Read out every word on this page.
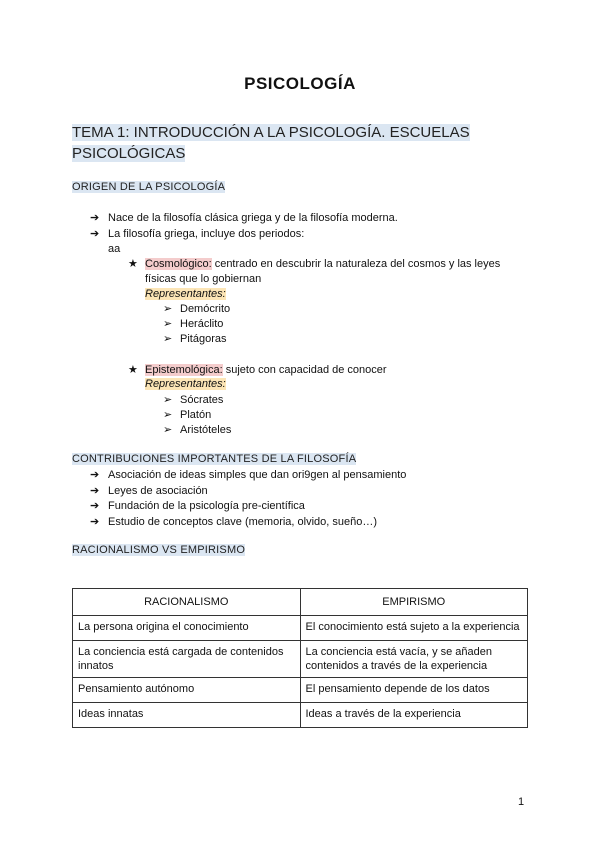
PSICOLOGÍA
TEMA 1: INTRODUCCIÓN A LA PSICOLOGÍA. ESCUELAS PSICOLÓGICAS
ORIGEN DE LA PSICOLOGÍA
➔ Nace de la filosofía clásica griega y de la filosofía moderna.
➔ La filosofía griega, incluye dos periodos:
aa
★ Cosmológico: centrado en descubrir la naturaleza del cosmos y las leyes
físicas que lo gobiernan
Representantes:
➢ Demócrito
➢ Heráclito
➢ Pitágoras
★ Epistemológica: sujeto con capacidad de conocer
Representantes:
➢ Sócrates
➢ Platón
➢ Aristóteles
CONTRIBUCIONES IMPORTANTES DE LA FILOSOFÍA
➔ Asociación de ideas simples que dan ori9gen al pensamiento
➔ Leyes de asociación
➔ Fundación de la psicología pre-científica
➔ Estudio de conceptos clave (memoria, olvido, sueño…)
RACIONALISMO VS EMPIRISMO
RACIONALISMO	EMPIRISMO
La persona origina el conocimiento	El conocimiento está sujeto a la experiencia
La conciencia está cargada de contenidos innatos	La conciencia está vacía, y se añaden contenidos a través de la experiencia
Pensamiento autónomo	El pensamiento depende de los datos
Ideas innatas	Ideas a través de la experiencia
1
